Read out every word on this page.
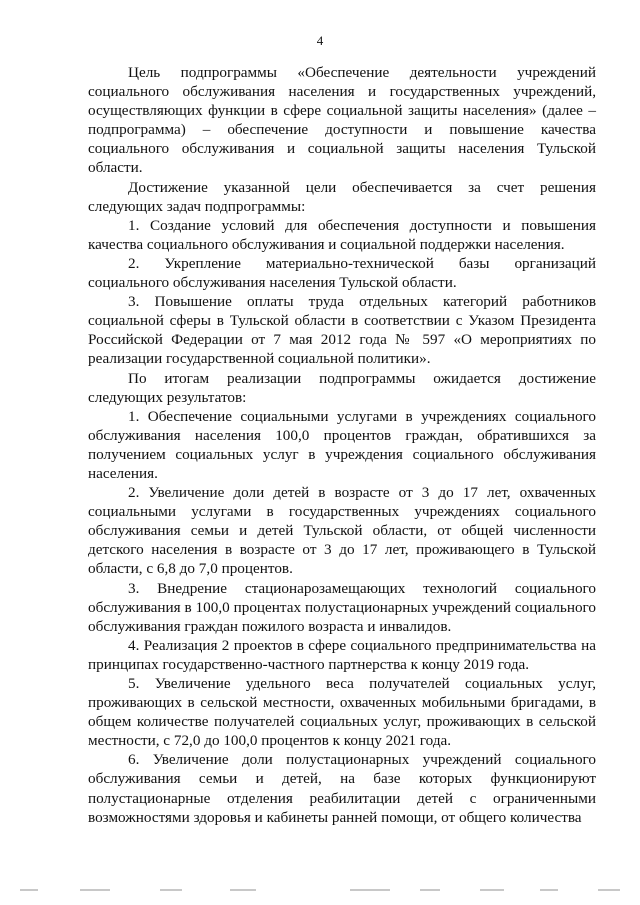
4

Цель подпрограммы «Обеспечение деятельности учреждений социального обслуживания населения и государственных учреждений, осуществляющих функции в сфере социальной защиты населения» (далее – подпрограмма) – обеспечение доступности и повышение качества социального обслуживания и социальной защиты населения Тульской области.

Достижение указанной цели обеспечивается за счет решения следующих задач подпрограммы:

1. Создание условий для обеспечения доступности и повышения качества социального обслуживания и социальной поддержки населения.

2. Укрепление материально-технической базы организаций социального обслуживания населения Тульской области.

3. Повышение оплаты труда отдельных категорий работников социальной сферы в Тульской области в соответствии с Указом Президента Российской Федерации от 7 мая 2012 года № 597 «О мероприятиях по реализации государственной социальной политики».

По итогам реализации подпрограммы ожидается достижение следующих результатов:

1. Обеспечение социальными услугами в учреждениях социального обслуживания населения 100,0 процентов граждан, обратившихся за получением социальных услуг в учреждения социального обслуживания населения.

2. Увеличение доли детей в возрасте от 3 до 17 лет, охваченных социальными услугами в государственных учреждениях социального обслуживания семьи и детей Тульской области, от общей численности детского населения в возрасте от 3 до 17 лет, проживающего в Тульской области, с 6,8 до 7,0 процентов.

3. Внедрение стационарозамещающих технологий социального обслуживания в 100,0 процентах полустационарных учреждений социального обслуживания граждан пожилого возраста и инвалидов.

4. Реализация 2 проектов в сфере социального предпринимательства на принципах государственно-частного партнерства к концу 2019 года.

5. Увеличение удельного веса получателей социальных услуг, проживающих в сельской местности, охваченных мобильными бригадами, в общем количестве получателей социальных услуг, проживающих в сельской местности, с 72,0 до 100,0 процентов к концу 2021 года.

6. Увеличение доли полустационарных учреждений социального обслуживания семьи и детей, на базе которых функционируют полустационарные отделения реабилитации детей с ограниченными возможностями здоровья и кабинеты ранней помощи, от общего количества
